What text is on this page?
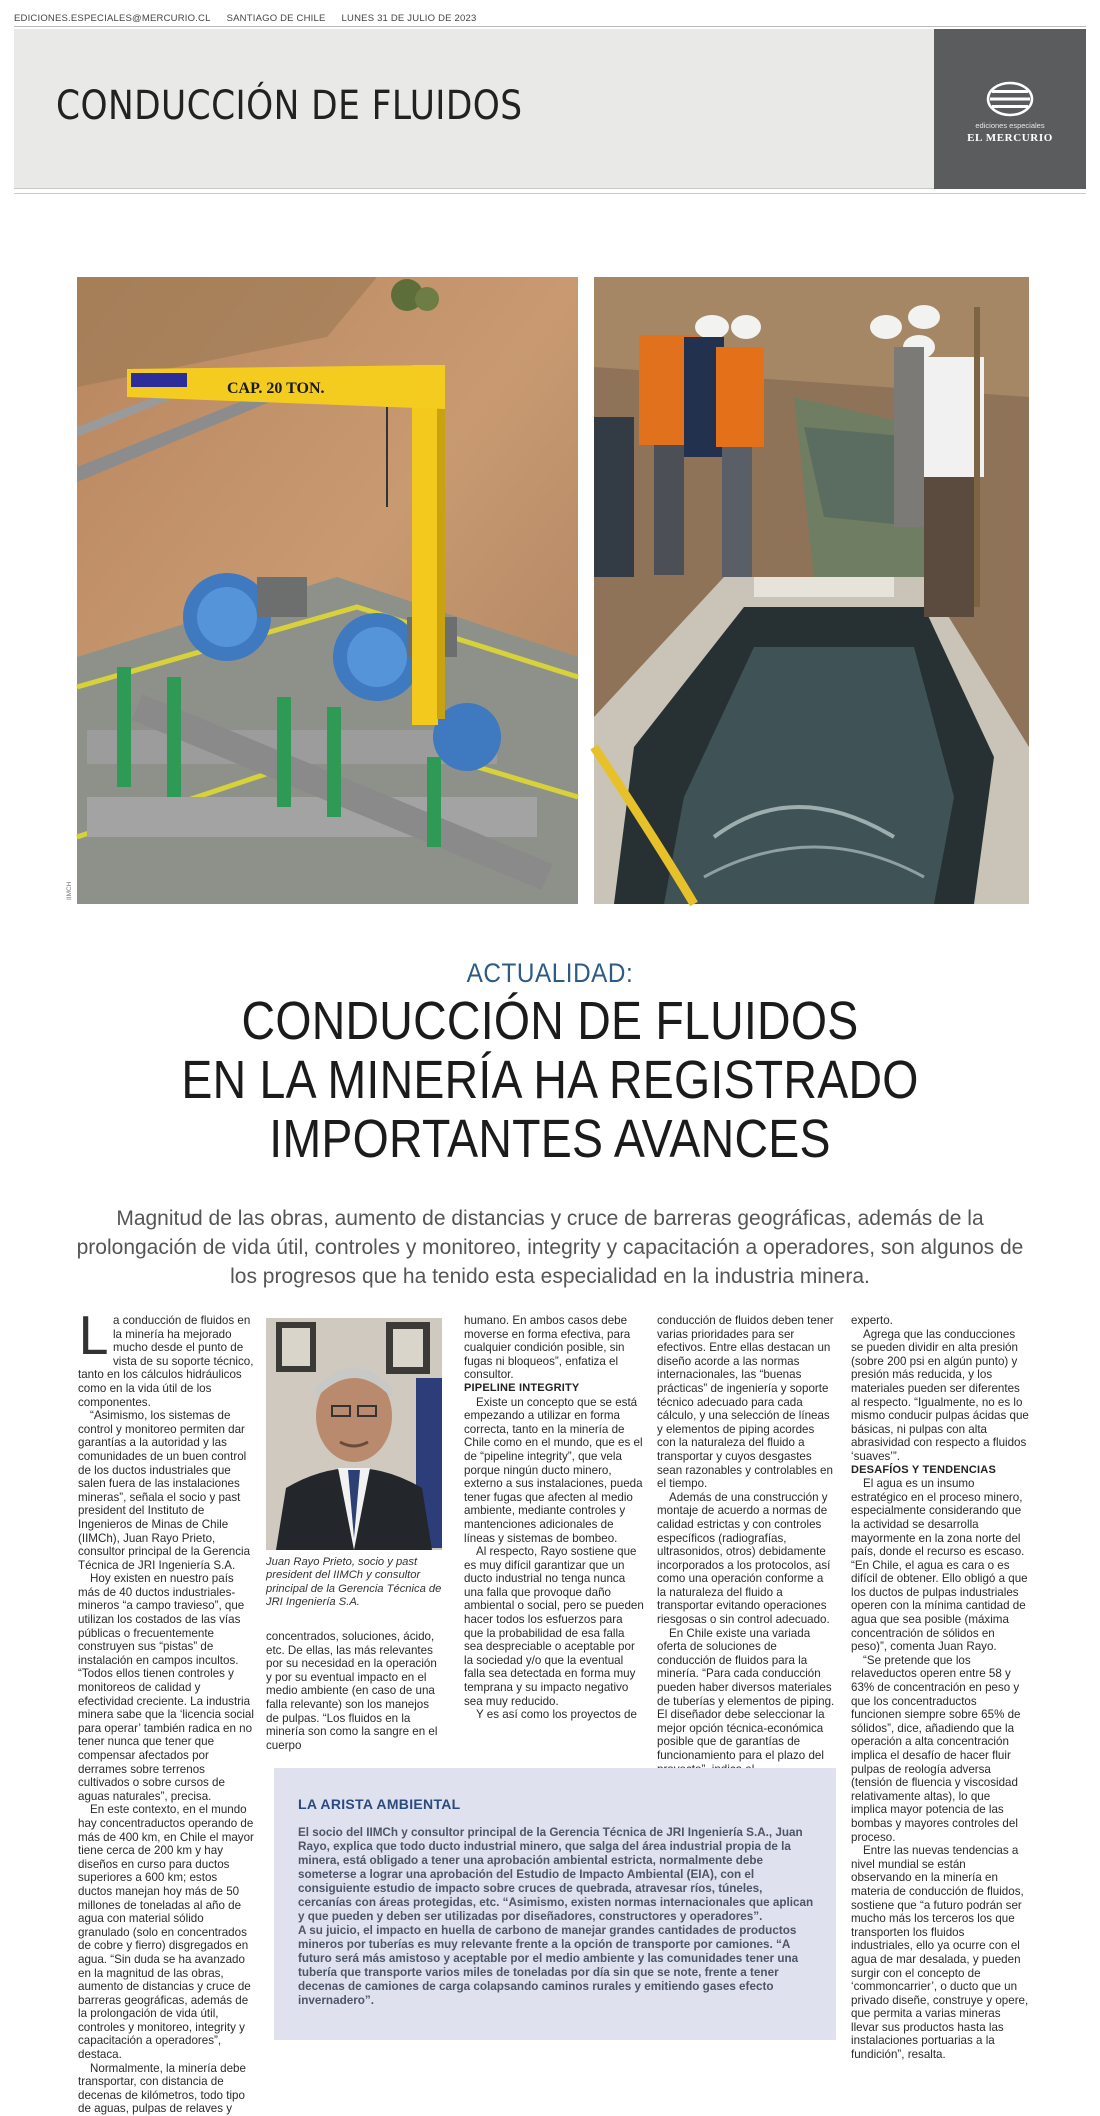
EDICIONES.ESPECIALES@MERCURIO.CL SANTIAGO DE CHILE LUNES 31 DE JULIO DE 2023
CONDUCCIÓN DE FLUIDOS	ediciones especiales
EL MERCURIO
CAP. 20 TON.
IIMCH
ACTUALIDAD:
CONDUCCIÓN DE FLUIDOS
EN LA MINERÍA HA REGISTRADO
IMPORTANTES AVANCES

Magnitud de las obras, aumento de distancias y cruce de barreras geográficas, además de la prolongación de vida útil, controles y monitoreo, integrity y capacitación a operadores, son algunos de los progresos que ha tenido esta especialidad en la industria minera.

La conducción de fluidos en la minería ha mejorado mucho desde el punto de vista de su soporte técnico, tanto en los cálculos hidráulicos como en la vida útil de los componentes.

“Asimismo, los sistemas de control y monitoreo permiten dar garantías a la autoridad y las comunidades de un buen control de los ductos industriales que salen fuera de las instalaciones mineras”, señala el socio y past president del Instituto de Ingenieros de Minas de Chile (IIMCh), Juan Rayo Prieto, consultor principal de la Gerencia Técnica de JRI Ingeniería S.A.

Hoy existen en nuestro país más de 40 ductos industriales-mineros “a campo travieso”, que utilizan los costados de las vías públicas o frecuentemente construyen sus “pistas” de instalación en campos incultos. “Todos ellos tienen controles y monitoreos de calidad y efectividad creciente. La industria minera sabe que la ‘licencia social para operar’ también radica en no tener nunca que tener que compensar afectados por derrames sobre terrenos cultivados o sobre cursos de aguas naturales”, precisa.

En este contexto, en el mundo hay concentraductos operando de más de 400 km, en Chile el mayor tiene cerca de 200 km y hay diseños en curso para ductos superiores a 600 km; estos ductos manejan hoy más de 50 millones de toneladas al año de agua con material sólido granulado (solo en concentrados de cobre y fierro) disgregados en agua. “Sin duda se ha avanzado en la magnitud de las obras, aumento de distancias y cruce de barreras geográficas, además de la prolongación de vida útil, controles y monitoreo, integrity y capacitación a operadores”, destaca.

Normalmente, la minería debe transportar, con distancia de decenas de kilómetros, todo tipo de aguas, pulpas de relaves y

Juan Rayo Prieto, socio y past president del IIMCh y consultor principal de la Gerencia Técnica de JRI Ingeniería S.A.

concentrados, soluciones, ácido, etc. De ellas, las más relevantes por su necesidad en la operación y por su eventual impacto en el medio ambiente (en caso de una falla relevante) son los manejos de pulpas. “Los fluidos en la minería son como la sangre en el cuerpo

humano. En ambos casos debe moverse en forma efectiva, para cualquier condición posible, sin fugas ni bloqueos”, enfatiza el consultor.

PIPELINE INTEGRITY

Existe un concepto que se está empezando a utilizar en forma correcta, tanto en la minería de Chile como en el mundo, que es el de “pipeline integrity”, que vela porque ningún ducto minero, externo a sus instalaciones, pueda tener fugas que afecten al medio ambiente, mediante controles y mantenciones adicionales de líneas y sistemas de bombeo.

Al respecto, Rayo sostiene que es muy difícil garantizar que un ducto industrial no tenga nunca una falla que provoque daño ambiental o social, pero se pueden hacer todos los esfuerzos para que la probabilidad de esa falla sea despreciable o aceptable por la sociedad y/o que la eventual falla sea detectada en forma muy temprana y su impacto negativo sea muy reducido.

Y es así como los proyectos de

conducción de fluidos deben tener varias prioridades para ser efectivos. Entre ellas destacan un diseño acorde a las normas internacionales, las “buenas prácticas” de ingeniería y soporte técnico adecuado para cada cálculo, y una selección de líneas y elementos de piping acordes con la naturaleza del fluido a transportar y cuyos desgastes sean razonables y controlables en el tiempo.

Además de una construcción y montaje de acuerdo a normas de calidad estrictas y con controles específicos (radiografías, ultrasonidos, otros) debidamente incorporados a los protocolos, así como una operación conforme a la naturaleza del fluido a transportar evitando operaciones riesgosas o sin control adecuado.

En Chile existe una variada oferta de soluciones de conducción de fluidos para la minería. “Para cada conducción pueden haber diversos materiales de tuberías y elementos de piping. El diseñador debe seleccionar la mejor opción técnica-económica posible que de garantías de funcionamiento para el plazo del

experto.

Agrega que las conducciones se pueden dividir en alta presión (sobre 200 psi en algún punto) y presión más reducida, y los materiales pueden ser diferentes al respecto. “Igualmente, no es lo mismo conducir pulpas ácidas que básicas, ni pulpas con alta abrasividad con respecto a fluidos ‘suaves’”.

DESAFÍOS Y TENDENCIAS

El agua es un insumo estratégico en el proceso minero, especialmente considerando que la actividad se desarrolla mayormente en la zona norte del país, donde el recurso es escaso. “En Chile, el agua es cara o es difícil de obtener. Ello obligó a que los ductos de pulpas industriales operen con la mínima cantidad de agua que sea posible (máxima concentración de sólidos en peso)”, comenta Juan Rayo.

“Se pretende que los relaveductos operen entre 58 y 63% de concentración en peso y que los concentraductos funcionen siempre sobre 65% de sólidos”, dice, añadiendo que la operación a alta concentración implica el desafío de hacer fluir pulpas de reología adversa (tensión de fluencia y viscosidad relativamente altas), lo que implica mayor potencia de las bombas y mayores controles del proceso.

Entre las nuevas tendencias a nivel mundial se están observando en la minería en materia de conducción de fluidos, sostiene que “a futuro podrán ser mucho más los terceros los que transporten los fluidos industriales, ello ya ocurre con el agua de mar desalada, y pueden surgir con el concepto de ‘commoncarrier’, o ducto que un privado diseñe, construye y opere, que permita a varias mineras llevar sus productos hasta las instalaciones portuarias a la fundición”, resalta.

LA ARISTA AMBIENTAL

El socio del IIMCh y consultor principal de la Gerencia Técnica de JRI Ingeniería S.A., Juan Rayo, explica que todo ducto industrial minero, que salga del área industrial propia de la minera, está obligado a tener una aprobación ambiental estricta, normalmente debe someterse a lograr una aprobación del Estudio de Impacto Ambiental (EIA), con el consiguiente estudio de impacto sobre cruces de quebrada, atravesar ríos, túneles, cercanías con áreas protegidas, etc. “Asimismo, existen normas internacionales que aplican y que pueden y deben ser utilizadas por diseñadores, constructores y operadores”.

A su juicio, el impacto en huella de carbono de manejar grandes cantidades de productos mineros por tuberías es muy relevante frente a la opción de transporte por camiones. “A futuro será más amistoso y aceptable por el medio ambiente y las comunidades tener una tubería que transporte varios miles de toneladas por día sin que se note, frente a tener decenas de camiones de carga colapsando caminos rurales y emitiendo gases efecto invernadero”.
